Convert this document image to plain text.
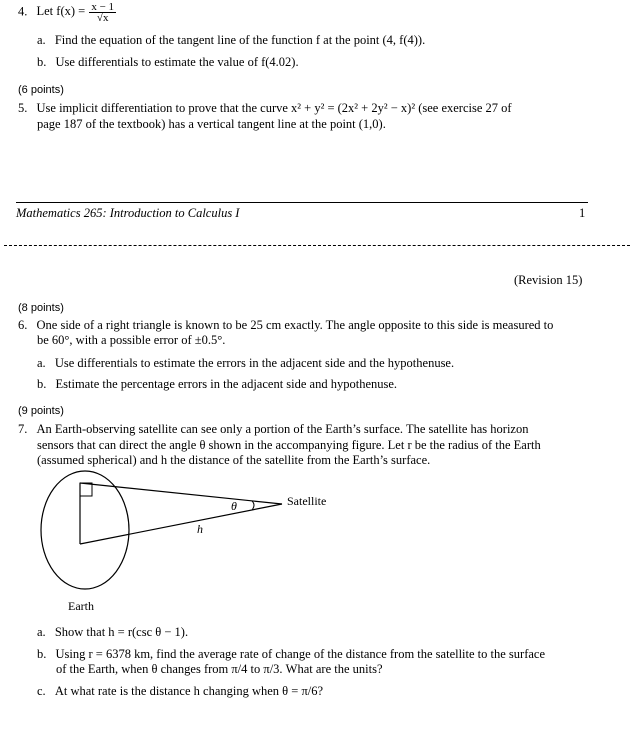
4. Let $f(x) = \frac{x - 1}{√x}$
a. Find the equation of the tangent line of the function f at the point (4, f(4)).
b. Use differentials to estimate the value of f(4.02).
(6 points)
5. Use implicit differentiation to prove that the curve x² + y² = (2x² + 2y² − x)² (see exercise 27 of
page 187 of the textbook) has a vertical tangent line at the point (1,0).
Mathematics 265: Introduction to Calculus I	1
(Revision 15)
(8 points)
6. One side of a right triangle is known to be 25 cm exactly. The angle opposite to this side is measured to
be 60°, with a possible error of ±0.5°.
a. Use differentials to estimate the errors in the adjacent side and the hypothenuse.
b. Estimate the percentage errors in the adjacent side and hypothenuse.
(9 points)
7. An Earth-observing satellite can see only a portion of the Earth’s surface. The satellite has horizon
sensors that can direct the angle θ shown in the accompanying figure. Let r be the radius of the Earth
(assumed spherical) and h the distance of the satellite from the Earth’s surface.
θ
h
Satellite
Earth
a. Show that h = r(csc θ − 1).
b. Using r = 6378 km, find the average rate of change of the distance from the satellite to the surface
of the Earth, when θ changes from π/4 to π/3. What are the units?
c. At what rate is the distance h changing when θ = π/6?
